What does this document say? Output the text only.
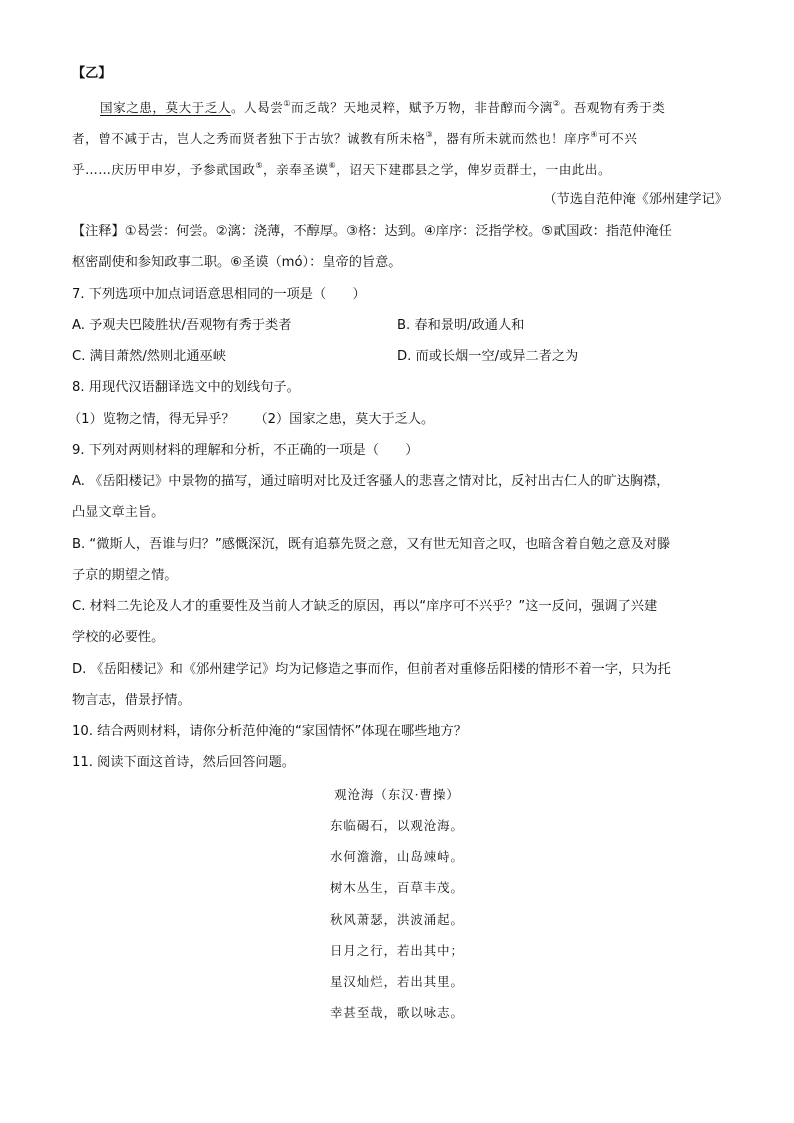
【乙】
国家之患，莫大于乏人。人曷尝①而乏哉？天地灵粹，赋予万物，非昔醇而今漓②。吾观物有秀于类
者，曾不减于古，岂人之秀而贤者独下于古欤？诚教有所未格③，器有所未就而然也！庠序④可不兴
乎……庆历甲申岁，予参貮国政⑤，亲奉圣谟⑥，诏天下建郡县之学，俾岁贡群士，一由此出。
（节选自范仲淹《邠州建学记》
【注释】①曷尝：何尝。②漓：浇薄，不醇厚。③格：达到。④庠序：泛指学校。⑤貳国政：指范仲淹任
枢密副使和参知政事二职。⑥圣谟（mó）：皇帝的旨意。
7. 下列选项中加点词语意思相同的一项是（　　）
A. 予观夫巴陵胜状/吾观物有秀于类者	B. 春和景明/政通人和
C. 满目萧然/然则北通巫峡	D. 而或长烟一空/或异二者之为
8. 用现代汉语翻译选文中的划线句子。
（1）览物之情，得无异乎？　　（2）国家之患，莫大于乏人。
9. 下列对两则材料的理解和分析，不正确的一项是（　　）
A. 《岳阳楼记》中景物的描写，通过暗明对比及迁客骚人的悲喜之情对比，反衬出古仁人的旷达胸襟，
凸显文章主旨。
B. “微斯人，吾谁与归？”感慨深沉，既有追慕先贤之意，又有世无知音之叹，也暗含着自勉之意及对滕
子京的期望之情。
C. 材料二先论及人才的重要性及当前人才缺乏的原因，再以“庠序可不兴乎？”这一反问，强调了兴建
学校的必要性。
D. 《岳阳楼记》和《邠州建学记》均为记修造之事而作，但前者对重修岳阳楼的情形不着一字，只为托
物言志，借景抒情。
10. 结合两则材料，请你分析范仲淹的“家国情怀”体现在哪些地方？
11. 阅读下面这首诗，然后回答问题。
观沧海（东汉·曹操）
东临碣石，以观沧海。
水何澹澹，山岛竦峙。
树木丛生，百草丰茂。
秋风萧瑟，洪波涌起。
日月之行，若出其中；
星汉灿烂，若出其里。
幸甚至哉，歌以咏志。
